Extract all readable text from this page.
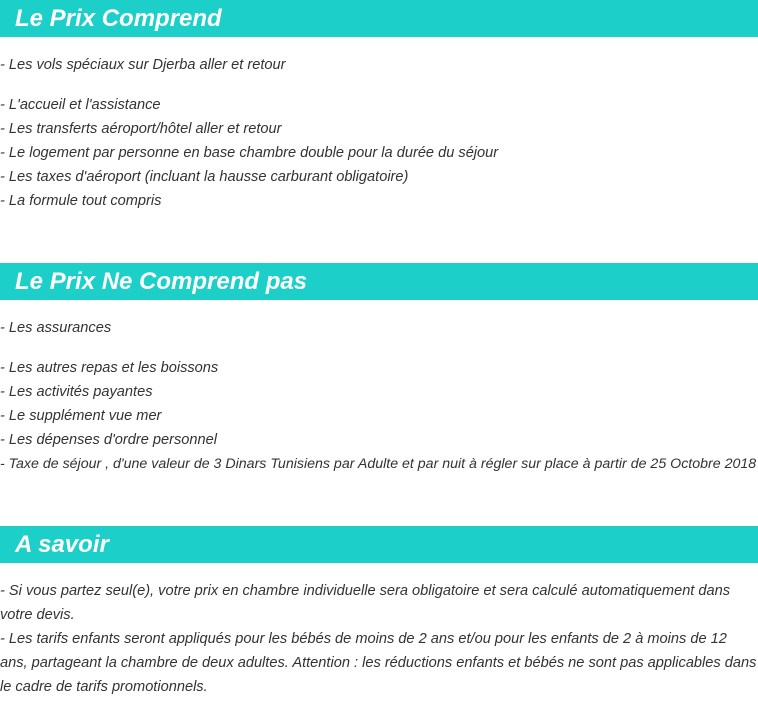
Le Prix Comprend
- Les vols spéciaux sur Djerba aller et retour
- L'accueil et l'assistance
- Les transferts aéroport/hôtel aller et retour
- Le logement par personne en base chambre double pour la durée du séjour
- Les taxes d'aéroport (incluant la hausse carburant obligatoire)
- La formule tout compris
Le Prix Ne Comprend pas
- Les assurances
- Les autres repas et les boissons
- Les activités payantes
- Le supplément vue mer
- Les dépenses d'ordre personnel
- Taxe de séjour , d'une valeur de 3 Dinars Tunisiens par Adulte et par nuit à régler sur place à partir de 25 Octobre 2018
A savoir

- Si vous partez seul(e), votre prix en chambre individuelle sera obligatoire et sera calculé automatiquement dans votre devis.

- Les tarifs enfants seront appliqués pour les bébés de moins de 2 ans et/ou pour les enfants de 2 à moins de 12 ans, partageant la chambre de deux adultes. Attention : les réductions enfants et bébés ne sont pas applicables dans le cadre de tarifs promotionnels.
